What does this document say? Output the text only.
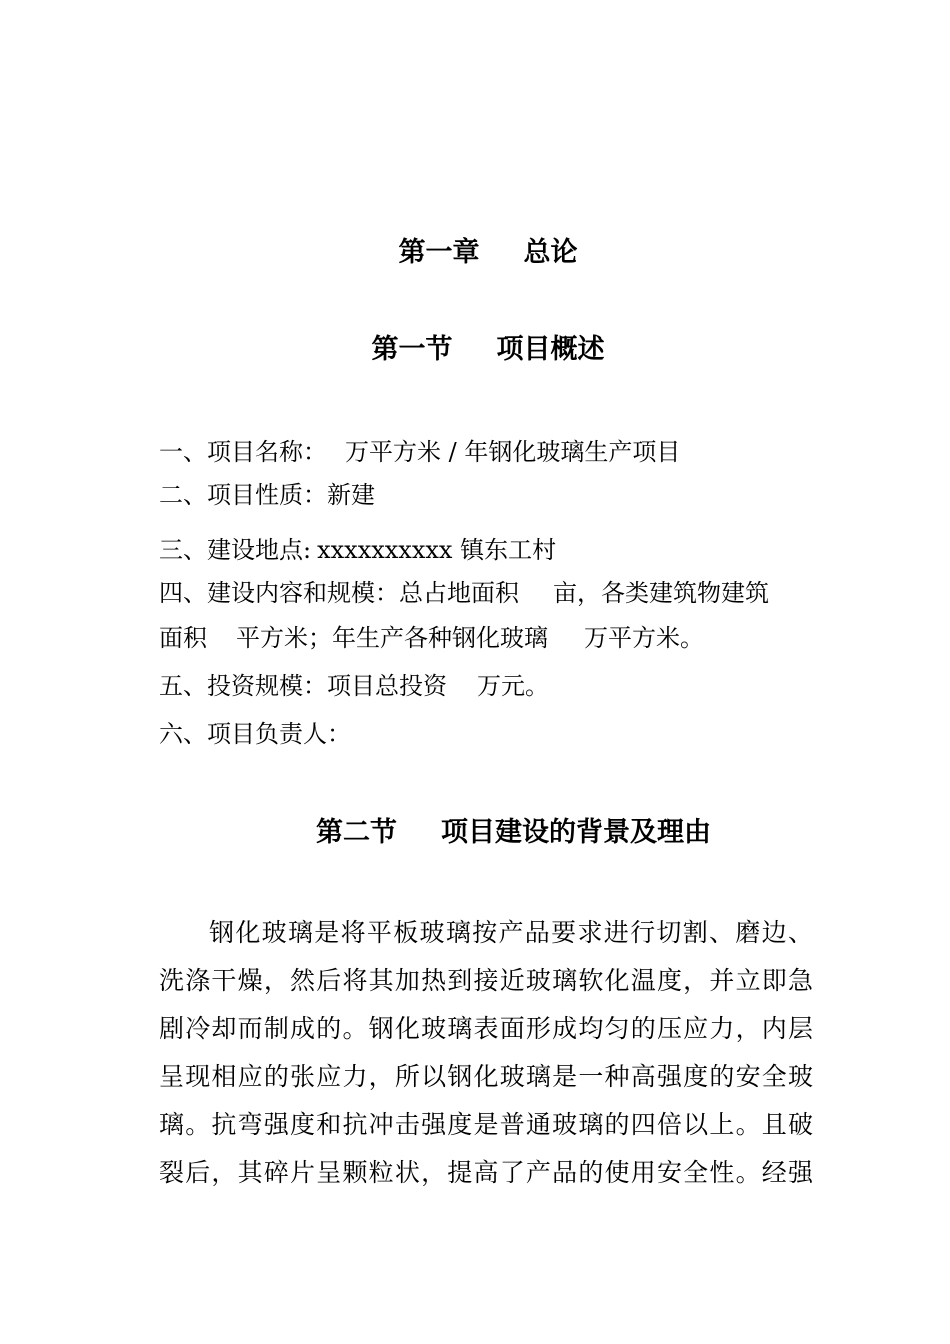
第一章 总论
第一节 项目概述
一、项目名称： 万平方米 / 年钢化玻璃生产项目
二、项目性质：新建
三、建设地点: xxxxxxxxxx 镇东工村
四、建设内容和规模：总占地面积 亩，各类建筑物建筑
面积 平方米；年生产各种钢化玻璃 万平方米。
五、投资规模：项目总投资 万元。
六、项目负责人：
第二节 项目建设的背景及理由
钢化玻璃是将平板玻璃按产品要求进行切割、磨边、
洗涤干燥，然后将其加热到接近玻璃软化温度，并立即急
剧冷却而制成的。钢化玻璃表面形成均匀的压应力，内层
呈现相应的张应力，所以钢化玻璃是一种高强度的安全玻
璃。抗弯强度和抗冲击强度是普通玻璃的四倍以上。且破
裂后，其碎片呈颗粒状，提高了产品的使用安全性。经强
